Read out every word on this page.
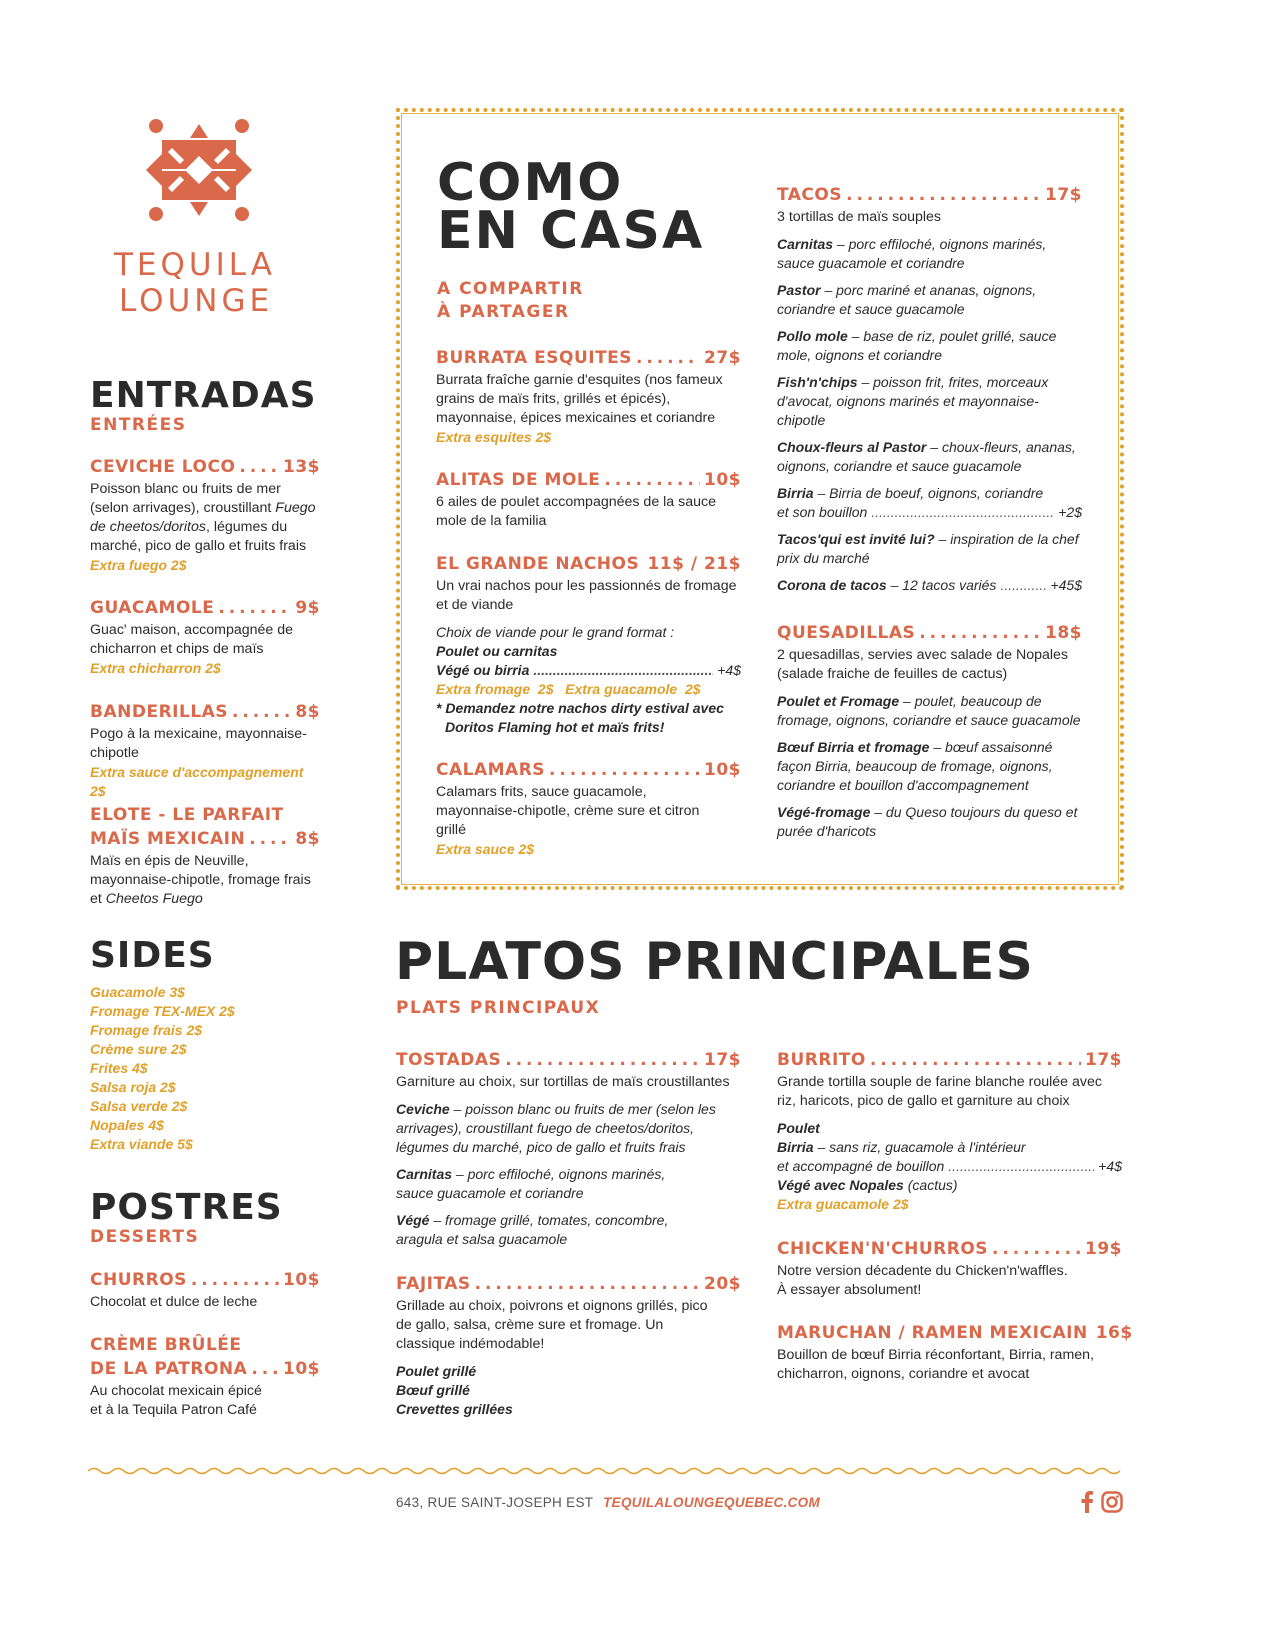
TEQUILA
LOUNGE
ENTRADAS
ENTRÉES
CEVICHE LOCO . . .	13$
Poisson blanc ou fruits de mer (selon arrivages), croustillant Fuego de cheetos/doritos, légumes du marché, pico de gallo et fruits frais
Extra fuego 2$
GUACAMOLE . . .	9$
Guac' maison, accompagnée de chicharron et chips de maïs
Extra chicharron 2$
BANDERILLAS . . .	8$
Pogo à la mexicaine, mayonnaise-chipotle
Extra sauce d'accompagnement 2$
ELOTE - LE PARFAIT
MAÏS MEXICAIN . . .	8$
Maïs en épis de Neuville, mayonnaise-chipotle, fromage frais et Cheetos Fuego
SIDES
Guacamole 3$
Fromage TEX-MEX 2$
Fromage frais 2$
Crème sure 2$
Frites 4$
Salsa roja 2$
Salsa verde 2$
Nopales 4$
Extra viande 5$
POSTRES
DESSERTS
CHURROS . . .	10$
Chocolat et dulce de leche
CRÈME BRÛLÉE
DE LA PATRONA . . . 10$
Au chocolat mexicain épicé et à la Tequila Patron Café
COMO
EN CASA
A COMPARTIR
À PARTAGER
BURRATA ESQUITES . . .	27$
Burrata fraîche garnie d'esquites (nos fameux grains de maïs frits, grillés et épicés), mayonnaise, épices mexicaines et coriandre
Extra esquites 2$
ALITAS DE MOLE . . .	10$
6 ailes de poulet accompagnées de la sauce mole de la familia
EL GRANDE NACHOS . . . 11$ / 21$
Un vrai nachos pour les passionnés de fromage et de viande
Choix de viande pour le grand format :
Poulet ou carnitas
Végé ou birria .....	+4$
Extra fromage  2$   Extra guacamole  2$
* Demandez notre nachos dirty estival avec
Doritos Flaming hot et maïs frits!
CALAMARS . . .	10$
Calamars frits, sauce guacamole, mayonnaise-chipotle, crème sure et citron grillé
Extra sauce 2$
TACOS . . .	17$
3 tortillas de maïs souples
Carnitas – porc effiloché, oignons marinés, sauce guacamole et coriandre
Pastor – porc mariné et ananas, oignons, coriandre et sauce guacamole
Pollo mole – base de riz, poulet grillé, sauce mole, oignons et coriandre
Fish'n'chips – poisson frit, frites, morceaux d'avocat, oignons marinés et mayonnaise-chipotle
Choux-fleurs al Pastor – choux-fleurs, ananas, oignons, coriandre et sauce guacamole
Birria – Birria de boeuf, oignons, coriandre
et son bouillon .....	+2$
Tacos'qui est invité lui? – inspiration de la chef prix du marché
Corona de tacos – 12 tacos variés .....	+45$
QUESADILLAS . . .	18$
2 quesadillas, servies avec salade de Nopales (salade fraiche de feuilles de cactus)
Poulet et Fromage – poulet, beaucoup de fromage, oignons, coriandre et sauce guacamole
Bœuf Birria et fromage – bœuf assaisonné façon Birria, beaucoup de fromage, oignons, coriandre et bouillon d'accompagnement
Végé-fromage – du Queso toujours du queso et purée d'haricots
PLATOS PRINCIPALES
PLATS PRINCIPAUX
TOSTADAS . . .	17$
Garniture au choix, sur tortillas de maïs croustillantes
Ceviche – poisson blanc ou fruits de mer (selon les arrivages), croustillant fuego de cheetos/doritos, légumes du marché, pico de gallo et fruits frais
Carnitas – porc effiloché, oignons marinés, sauce guacamole et coriandre
Végé – fromage grillé, tomates, concombre, aragula et salsa guacamole
FAJITAS . . .	20$
Grillade au choix, poivrons et oignons grillés, pico de gallo, salsa, crème sure et fromage. Un classique indémodable!
Poulet grillé
Bœuf grillé
Crevettes grillées
BURRITO . . .	17$
Grande tortilla souple de farine blanche roulée avec riz, haricots, pico de gallo et garniture au choix
Poulet
Birria – sans riz, guacamole à l'intérieur
et accompagné de bouillon .....	+4$
Végé avec Nopales (cactus)
Extra guacamole 2$
CHICKEN'N'CHURROS . . .	19$
Notre version décadente du Chicken'n'waffles. À essayer absolument!
MARUCHAN / RAMEN MEXICAIN 16$
Bouillon de bœuf Birria réconfortant, Birria, ramen, chicharron, oignons, coriandre et avocat
643, RUE SAINT-JOSEPH EST TEQUILALOUNGEQUEBEC.COM
